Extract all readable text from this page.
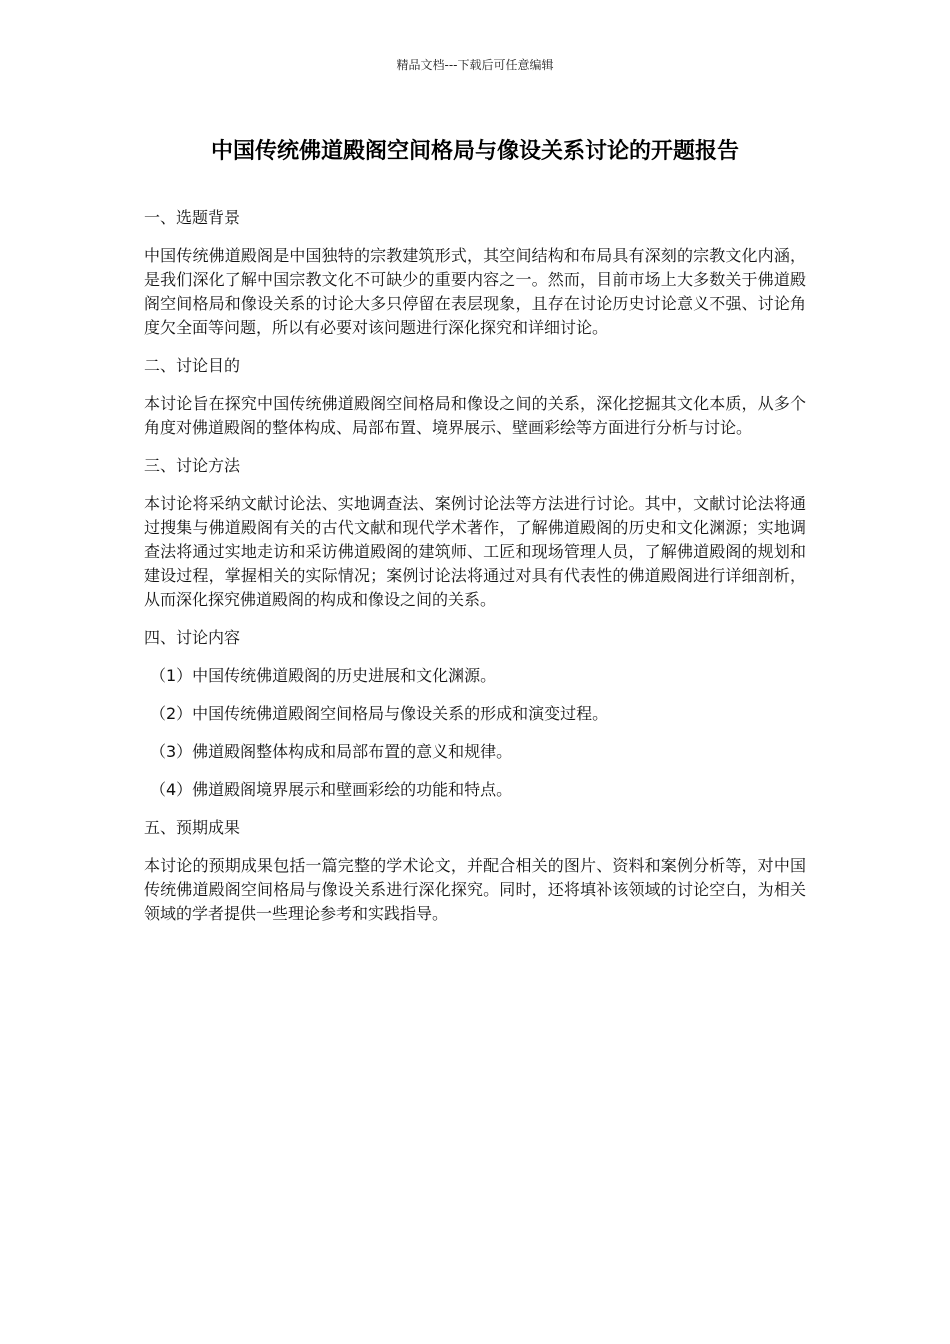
精品文档---下载后可任意编辑
中国传统佛道殿阁空间格局与像设关系讨论的开题报告
一、选题背景
中国传统佛道殿阁是中国独特的宗教建筑形式，其空间结构和布局具有深刻的宗教文化内涵，是我们深化了解中国宗教文化不可缺少的重要内容之一。然而，目前市场上大多数关于佛道殿阁空间格局和像设关系的讨论大多只停留在表层现象，且存在讨论历史讨论意义不强、讨论角度欠全面等问题，所以有必要对该问题进行深化探究和详细讨论。
二、讨论目的
本讨论旨在探究中国传统佛道殿阁空间格局和像设之间的关系，深化挖掘其文化本质，从多个角度对佛道殿阁的整体构成、局部布置、境界展示、壁画彩绘等方面进行分析与讨论。
三、讨论方法
本讨论将采纳文献讨论法、实地调查法、案例讨论法等方法进行讨论。其中，文献讨论法将通过搜集与佛道殿阁有关的古代文献和现代学术著作，了解佛道殿阁的历史和文化渊源；实地调查法将通过实地走访和采访佛道殿阁的建筑师、工匠和现场管理人员，了解佛道殿阁的规划和建设过程，掌握相关的实际情况；案例讨论法将通过对具有代表性的佛道殿阁进行详细剖析，从而深化探究佛道殿阁的构成和像设之间的关系。
四、讨论内容
（1）中国传统佛道殿阁的历史进展和文化渊源。
（2）中国传统佛道殿阁空间格局与像设关系的形成和演变过程。
（3）佛道殿阁整体构成和局部布置的意义和规律。
（4）佛道殿阁境界展示和壁画彩绘的功能和特点。
五、预期成果
本讨论的预期成果包括一篇完整的学术论文，并配合相关的图片、资料和案例分析等，对中国传统佛道殿阁空间格局与像设关系进行深化探究。同时，还将填补该领域的讨论空白，为相关领域的学者提供一些理论参考和实践指导。
